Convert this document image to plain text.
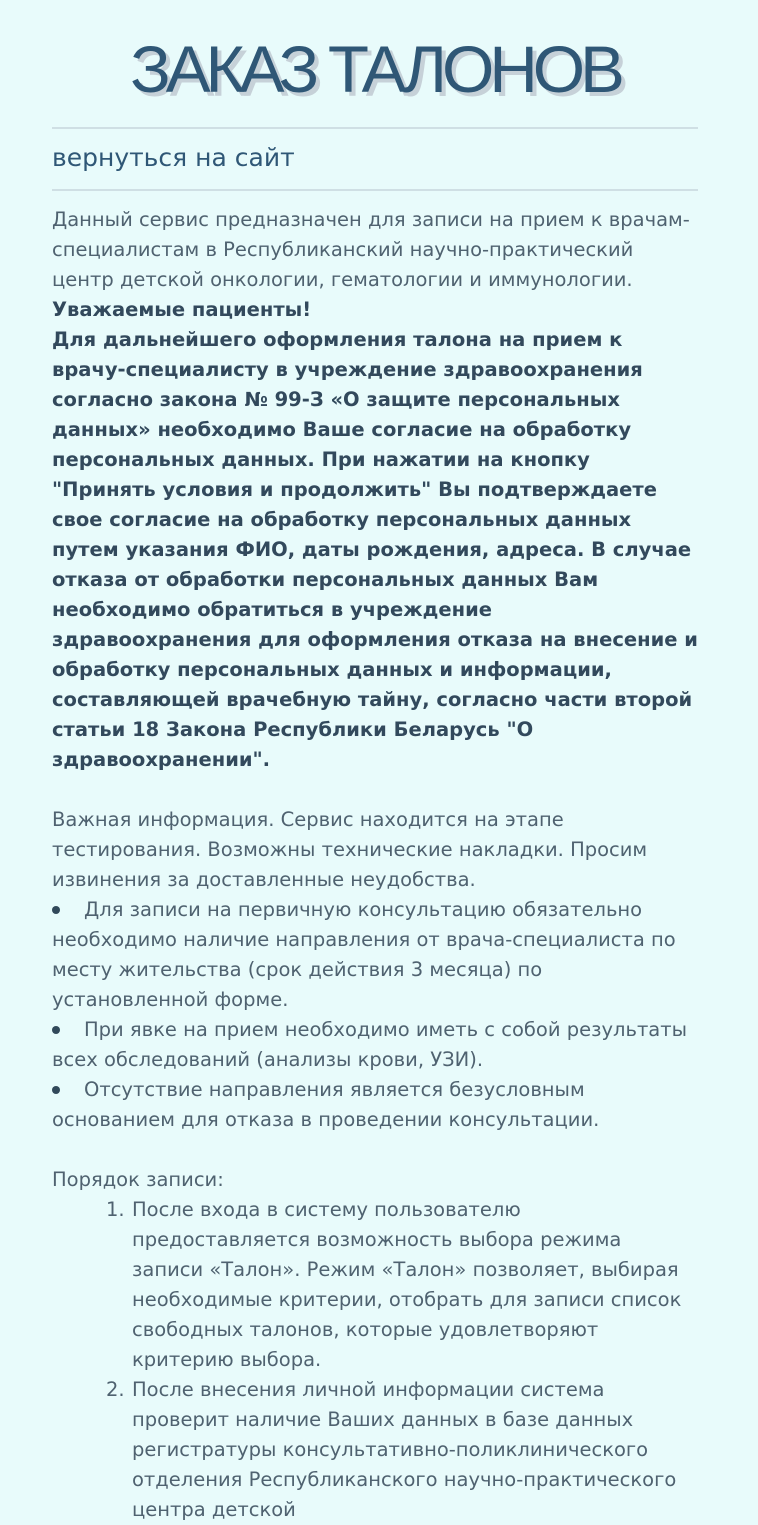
ЗАКАЗ ТАЛОНОВ
вернуться на сайт

Данный сервис предназначен для записи на прием к врачам-специалистам в Республиканский научно-практический центр детской онкологии, гематологии и иммунологии.

Уважаемые пациенты!

Для дальнейшего оформления талона на прием к врачу-специалисту в учреждение здравоохранения согласно закона № 99-З «О защите персональных данных» необходимо Ваше согласие на обработку персональных данных. При нажатии на кнопку "Принять условия и продолжить" Вы подтверждаете свое согласие на обработку персональных данных путем указания ФИО, даты рождения, адреса. В случае отказа от обработки персональных данных Вам необходимо обратиться в учреждение здравоохранения для оформления отказа на внесение и обработку персональных данных и информации, составляющей врачебную тайну, согласно части второй статьи 18 Закона Республики Беларусь "О здравоохранении".

Важная информация. Сервис находится на этапе тестирования. Возможны технические накладки. Просим извинения за доставленные неудобства.

Для записи на первичную консультацию обязательно необходимо наличие направления от врача-специалиста по месту жительства (срок действия 3 месяца) по установленной форме.
При явке на прием необходимо иметь с собой результаты всех обследований (анализы крови, УЗИ).
Отсутствие направления является безусловным основанием для отказа в проведении консультации.

Порядок записи:

1. После входа в систему пользователю предоставляется возможность выбора режима записи «Талон». Режим «Талон» позволяет, выбирая необходимые критерии, отобрать для записи список свободных талонов, которые удовлетворяют критерию выбора.
2. После внесения личной информации система проверит наличие Ваших данных в базе данных регистратуры консультативно-поликлинического отделения Республиканского научно-практического центра детской
